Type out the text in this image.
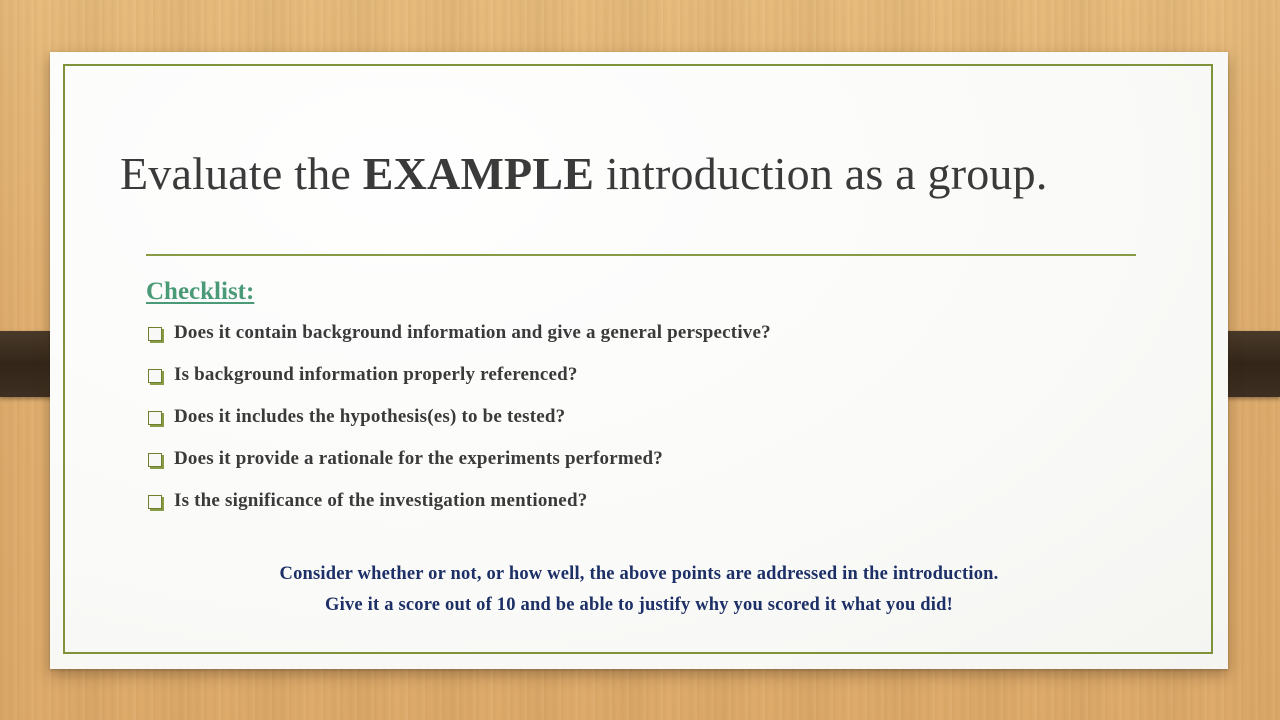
Evaluate the EXAMPLE introduction as a group.
Checklist:
Does it contain background information and give a general perspective?
Is background information properly referenced?
Does it includes the hypothesis(es) to be tested?
Does it provide a rationale for the experiments performed?
Is the significance of the investigation mentioned?
Consider whether or not, or how well, the above points are addressed in the introduction.
Give it a score out of 10 and be able to justify why you scored it what you did!
